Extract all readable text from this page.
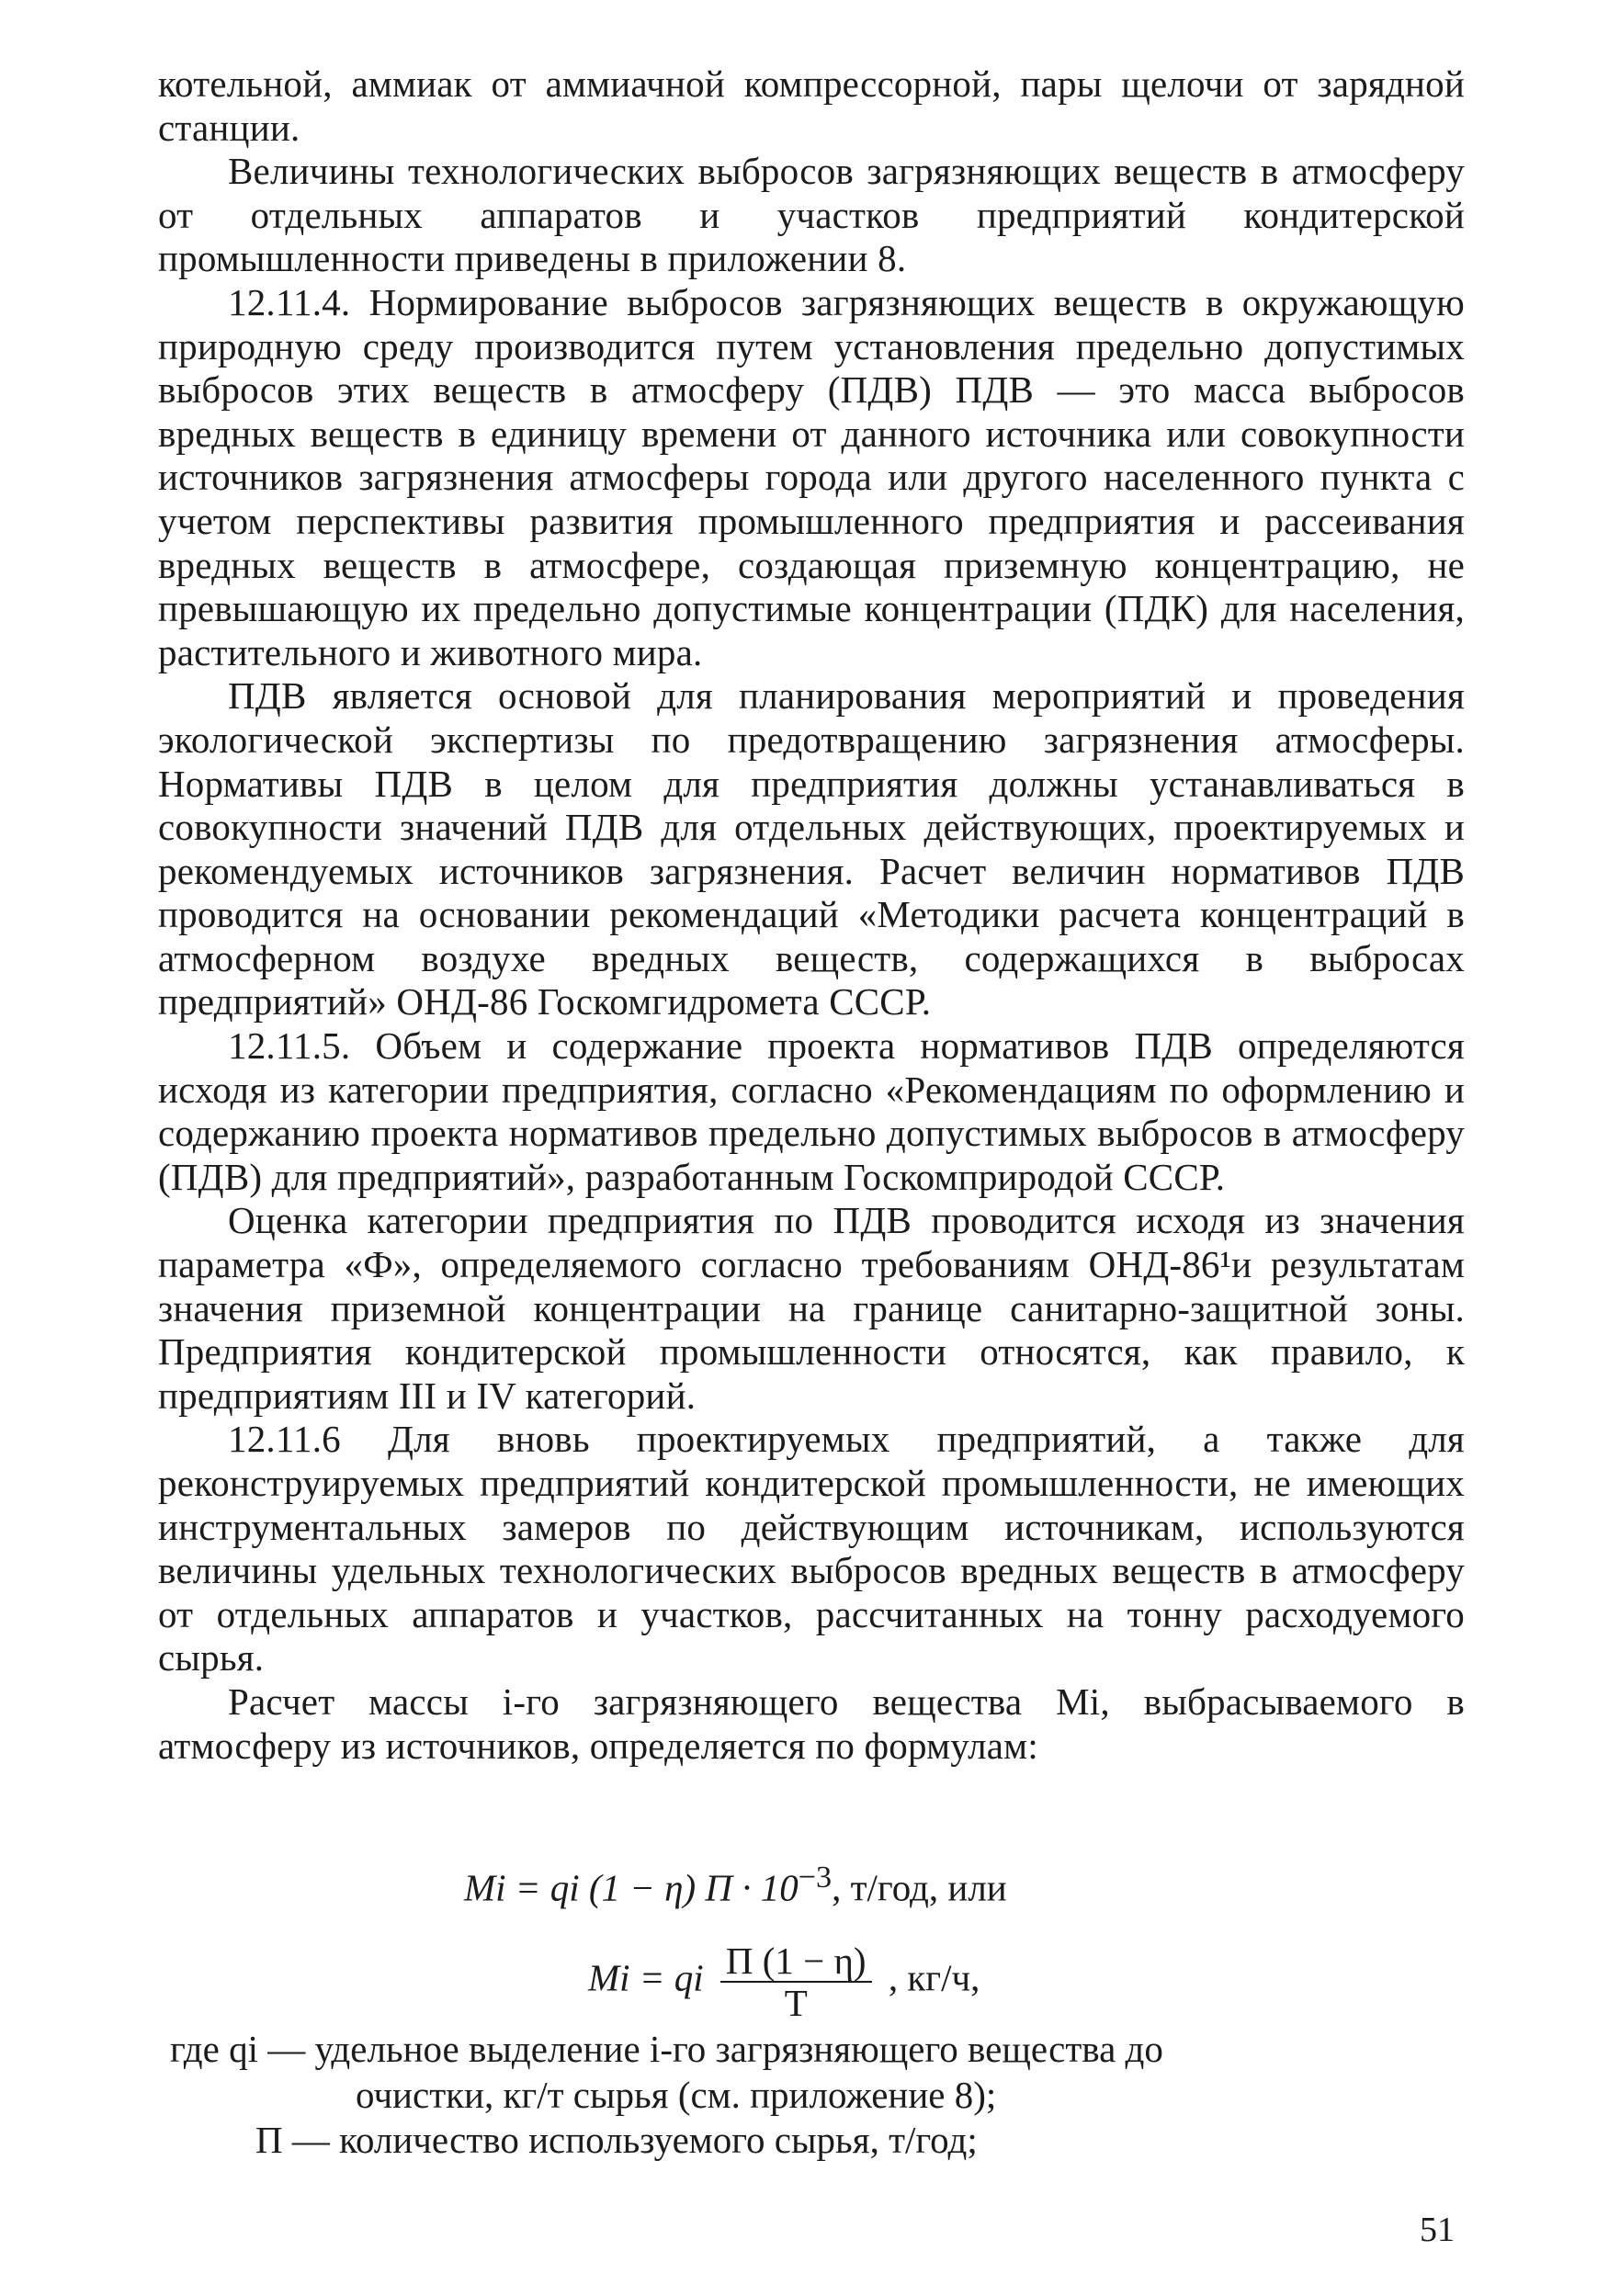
котельной, аммиак от аммиачной компрессорной, пары щелочи от зарядной станции.

Величины технологических выбросов загрязняющих веществ в атмосферу от отдельных аппаратов и участков предприятий кондитерской промышленности приведены в приложении 8.

12.11.4. Нормирование выбросов загрязняющих веществ в окружающую природную среду производится путем установления предельно допустимых выбросов этих веществ в атмосферу (ПДВ) ПДВ — это масса выбросов вредных веществ в единицу времени от данного источника или совокупности источников загрязнения атмосферы города или другого населенного пункта с учетом перспективы развития промышленного предприятия и рассеивания вредных веществ в атмосфере, создающая приземную концентрацию, не превышающую их предельно допустимые концентрации (ПДК) для населения, растительного и животного мира.

ПДВ является основой для планирования мероприятий и проведения экологической экспертизы по предотвращению загрязнения атмосферы. Нормативы ПДВ в целом для предприятия должны устанавливаться в совокупности значений ПДВ для отдельных действующих, проектируемых и рекомендуемых источников загрязнения. Расчет величин нормативов ПДВ проводится на основании рекомендаций «Методики расчета концентраций в атмосферном воздухе вредных веществ, содержащихся в выбросах предприятий» ОНД-86 Госкомгидромета СССР.

12.11.5. Объем и содержание проекта нормативов ПДВ определяются исходя из категории предприятия, согласно «Рекомендациям по оформлению и содержанию проекта нормативов предельно допустимых выбросов в атмосферу (ПДВ) для предприятий», разработанным Госкомприродой СССР.

Оценка категории предприятия по ПДВ проводится исходя из значения параметра «Ф», определяемого согласно требованиям ОНД-86¹и результатам значения приземной концентрации на границе санитарно-защитной зоны. Предприятия кондитерской промышленности относятся, как правило, к предприятиям III и IV категорий.

12.11.6 Для вновь проектируемых предприятий, а также для реконструируемых предприятий кондитерской промышленности, не имеющих инструментальных замеров по действующим источникам, используются величины удельных технологических выбросов вредных веществ в атмосферу от отдельных аппаратов и участков, рассчитанных на тонну расходуемого сырья.

Расчет массы i-го загрязняющего вещества Mi, выбрасываемого в атмосферу из источников, определяется по формулам:

Mi = qi (1 − η) $П \cdot 10^{-3}$, т/год, или
Mi = qi $\frac{П (1 - \eta)}{T}$ , кг/ч,
где qi — удельное выделение i-го загрязняющего вещества до
очистки, кг/т сырья (см. приложение 8);
П — количество используемого сырья, т/год;
51
